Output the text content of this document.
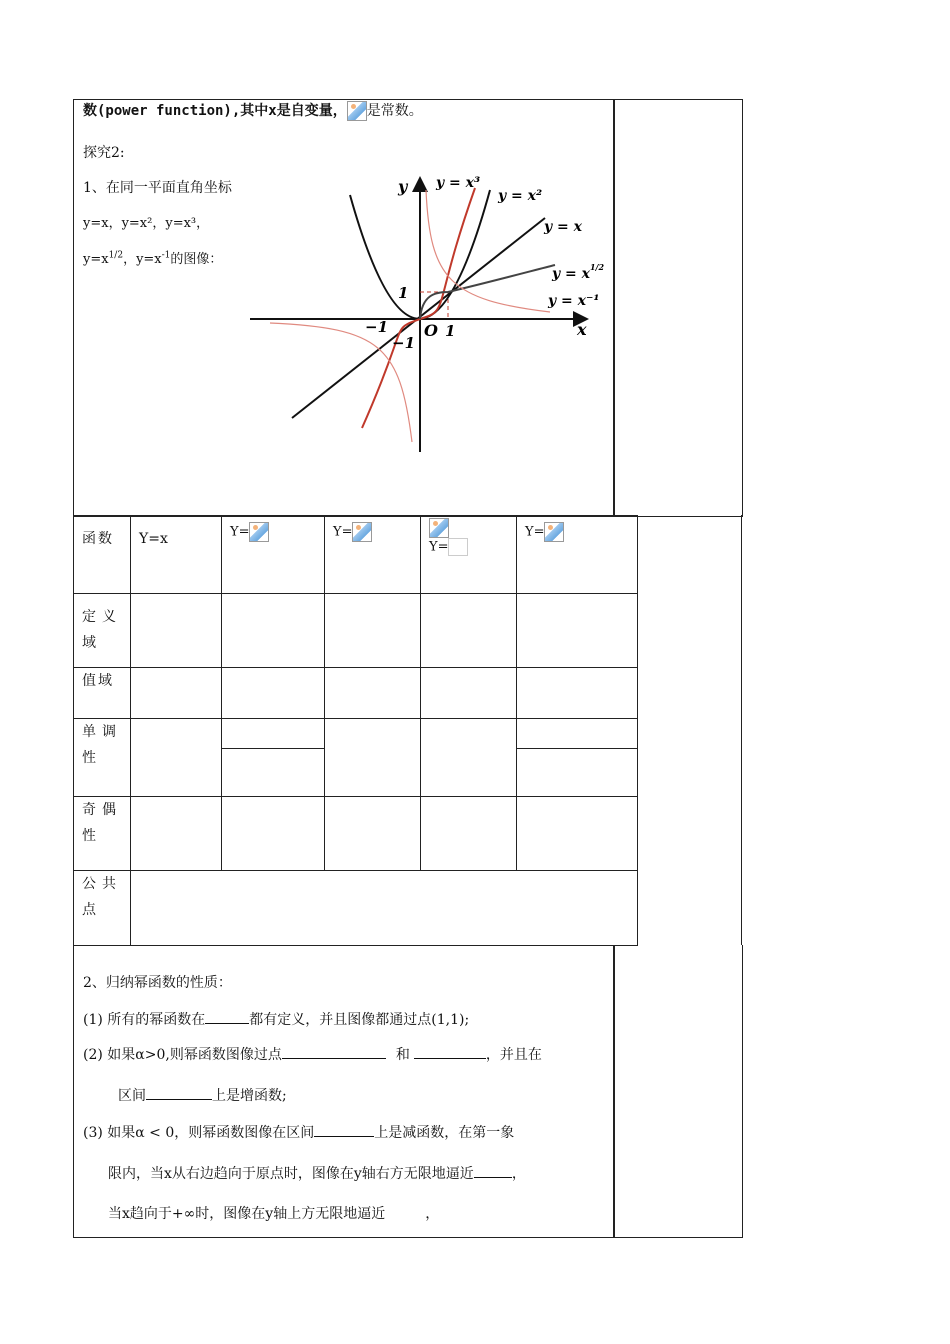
数(power function),其中x是自变量， 是常数。
探究2:
1、在同一平面直角坐标
y=x，y=x²，y=x³，
$y=x^{1/2}$，$y=x^{-1}$的图像：
y
x
O 1
1
−1
−1
y = x³
y = x²
y = x
$y = x^{1/2}$
y = x⁻¹
函数	Y=x	Y=	Y=	Y=	Y=

定义域					

值域					

单调性					

奇偶性					

公共点					

2、归纳幂函数的性质：
(1) 所有的幂函数在	都有定义，并且图像都通过点(1,1);
(2) 如果α>0,则幂函数图像过点	和	，并且在
区间	上是增函数;
(3) 如果α < 0，则幂函数图像在区间	上是减函数，在第一象
限内，当x从右边趋向于原点时，图像在y轴右方无限地逼近	，
当x趋向于+∞时，图像在y轴上方无限地逼近	，
